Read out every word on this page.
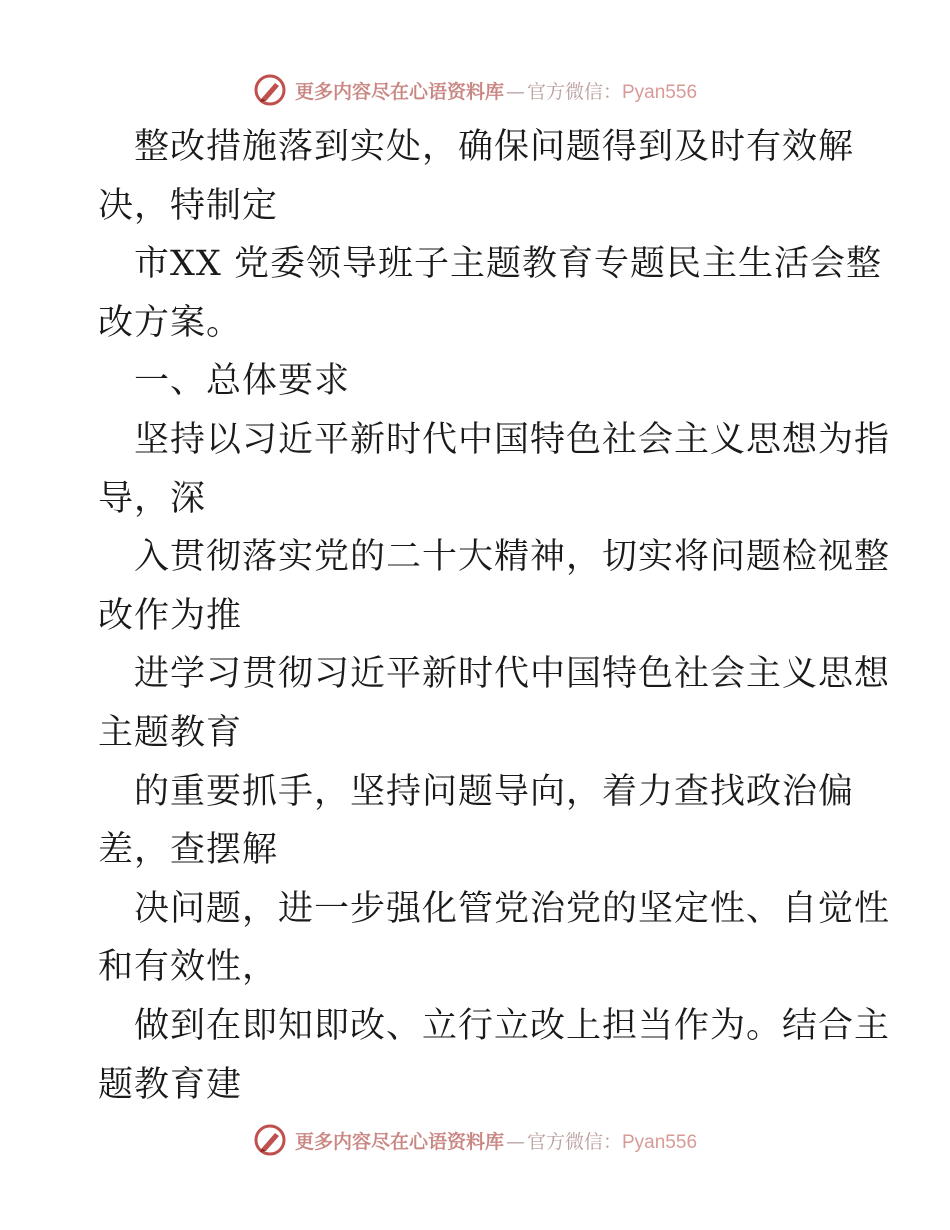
更多内容尽在心语资料库 — 官方微信： Pyan556
整改措施落到实处，确保问题得到及时有效解
决，特制定
市XX 党委领导班子主题教育专题民主生活会整
改方案。
一、总体要求
坚持以习近平新时代中国特色社会主义思想为指
导，深
入贯彻落实党的二十大精神，切实将问题检视整
改作为推
进学习贯彻习近平新时代中国特色社会主义思想
主题教育
的重要抓手，坚持问题导向，着力查找政治偏
差，查摆解
决问题，进一步强化管党治党的坚定性、自觉性
和有效性，
做到在即知即改、立行立改上担当作为。结合主
题教育建
更多内容尽在心语资料库 — 官方微信： Pyan556
